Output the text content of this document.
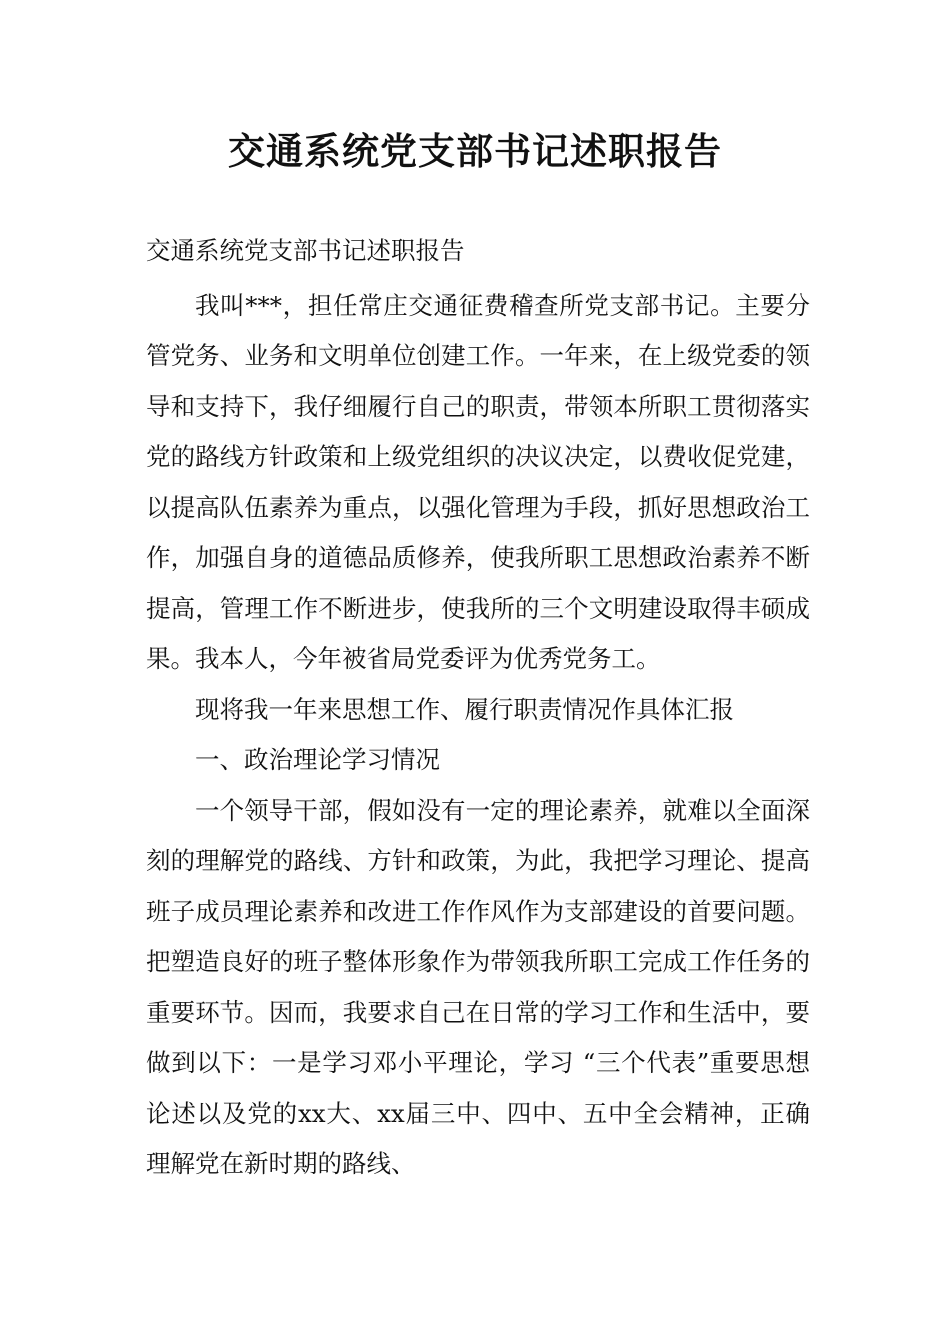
交通系统党支部书记述职报告

交通系统党支部书记述职报告

我叫***，担任常庄交通征费稽查所党支部书记。主要分管党务、业务和文明单位创建工作。一年来，在上级党委的领导和支持下，我仔细履行自己的职责，带领本所职工贯彻落实党的路线方针政策和上级党组织的决议决定，以费收促党建，以提高队伍素养为重点，以强化管理为手段，抓好思想政治工作，加强自身的道德品质修养，使我所职工思想政治素养不断提高，管理工作不断进步，使我所的三个文明建设取得丰硕成果。我本人，今年被省局党委评为优秀党务工。

现将我一年来思想工作、履行职责情况作具体汇报

一、政治理论学习情况

一个领导干部，假如没有一定的理论素养，就难以全面深刻的理解党的路线、方针和政策，为此，我把学习理论、提高班子成员理论素养和改进工作作风作为支部建设的首要问题。把塑造良好的班子整体形象作为带领我所职工完成工作任务的重要环节。因而，我要求自己在日常的学习工作和生活中，要做到以下：一是学习邓小平理论，学习 “三个代表”重要思想论述以及党的xx大、xx届三中、四中、五中全会精神，正确理解党在新时期的路线、
